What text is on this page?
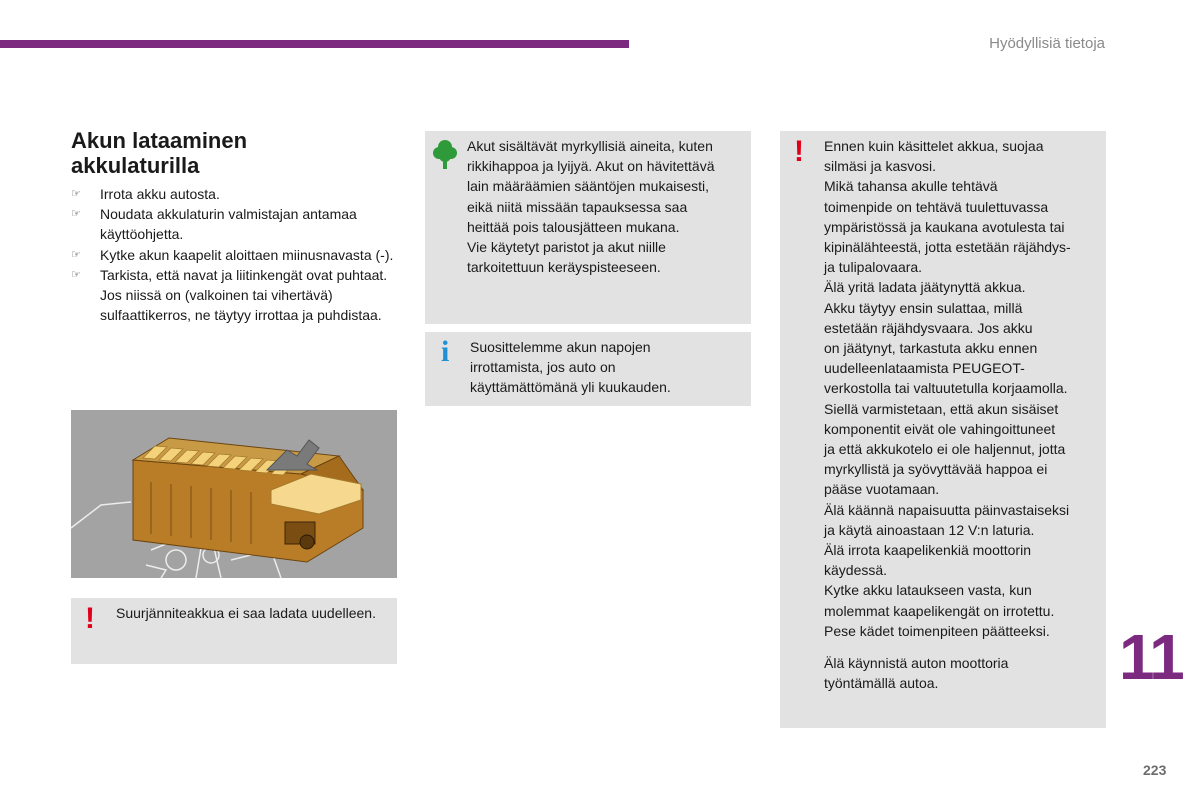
Hyödyllisiä tietoja
Akun lataaminen akkulaturilla
☞ Irrota akku autosta.
☞ Noudata akkulaturin valmistajan antamaa käyttöohjetta.
☞ Kytke akun kaapelit aloittaen miinusnavasta (-).
☞ Tarkista, että navat ja liitinkengät ovat puhtaat. Jos niissä on (valkoinen tai vihertävä) sulfaattikerros, ne täytyy irrottaa ja puhdistaa.
! Suurjänniteakkua ei saa ladata uudelleen.

Akut sisältävät myrkyllisiä aineita, kuten

rikkihappoa ja lyijyä. Akut on hävitettävä

lain määräämien sääntöjen mukaisesti,

eikä niitä missään tapauksessa saa

heittää pois talousjätteen mukana.

Vie käytetyt paristot ja akut niille

tarkoitettuun keräyspisteeseen.

i Suosittelemme akun napojen

irrottamista, jos auto on

käyttämättömänä yli kuukauden.

! Ennen kuin käsittelet akkua, suojaa

silmäsi ja kasvosi.

Mikä tahansa akulle tehtävä

toimenpide on tehtävä tuulettuvassa

ympäristössä ja kaukana avotulesta tai

kipinälähteestä, jotta estetään räjähdys-

ja tulipalovaara.

Älä yritä ladata jäätynyttä akkua.

Akku täytyy ensin sulattaa, millä

estetään räjähdysvaara. Jos akku

on jäätynyt, tarkastuta akku ennen

uudelleenlataamista PEUGEOT-

verkostolla tai valtuutetulla korjaamolla.

Siellä varmistetaan, että akun sisäiset

komponentit eivät ole vahingoittuneet

ja että akkukotelo ei ole haljennut, jotta

myrkyllistä ja syövyttävää happoa ei

pääse vuotamaan.

Älä käännä napaisuutta päinvastaiseksi

ja käytä ainoastaan 12 V:n laturia.

Älä irrota kaapelikenkiä moottorin

käydessä.

Kytke akku lataukseen vasta, kun

molemmat kaapelikengät on irrotettu.

Pese kädet toimenpiteen päätteeksi.

Älä käynnistä auton moottoria

työntämällä autoa.	11
223
